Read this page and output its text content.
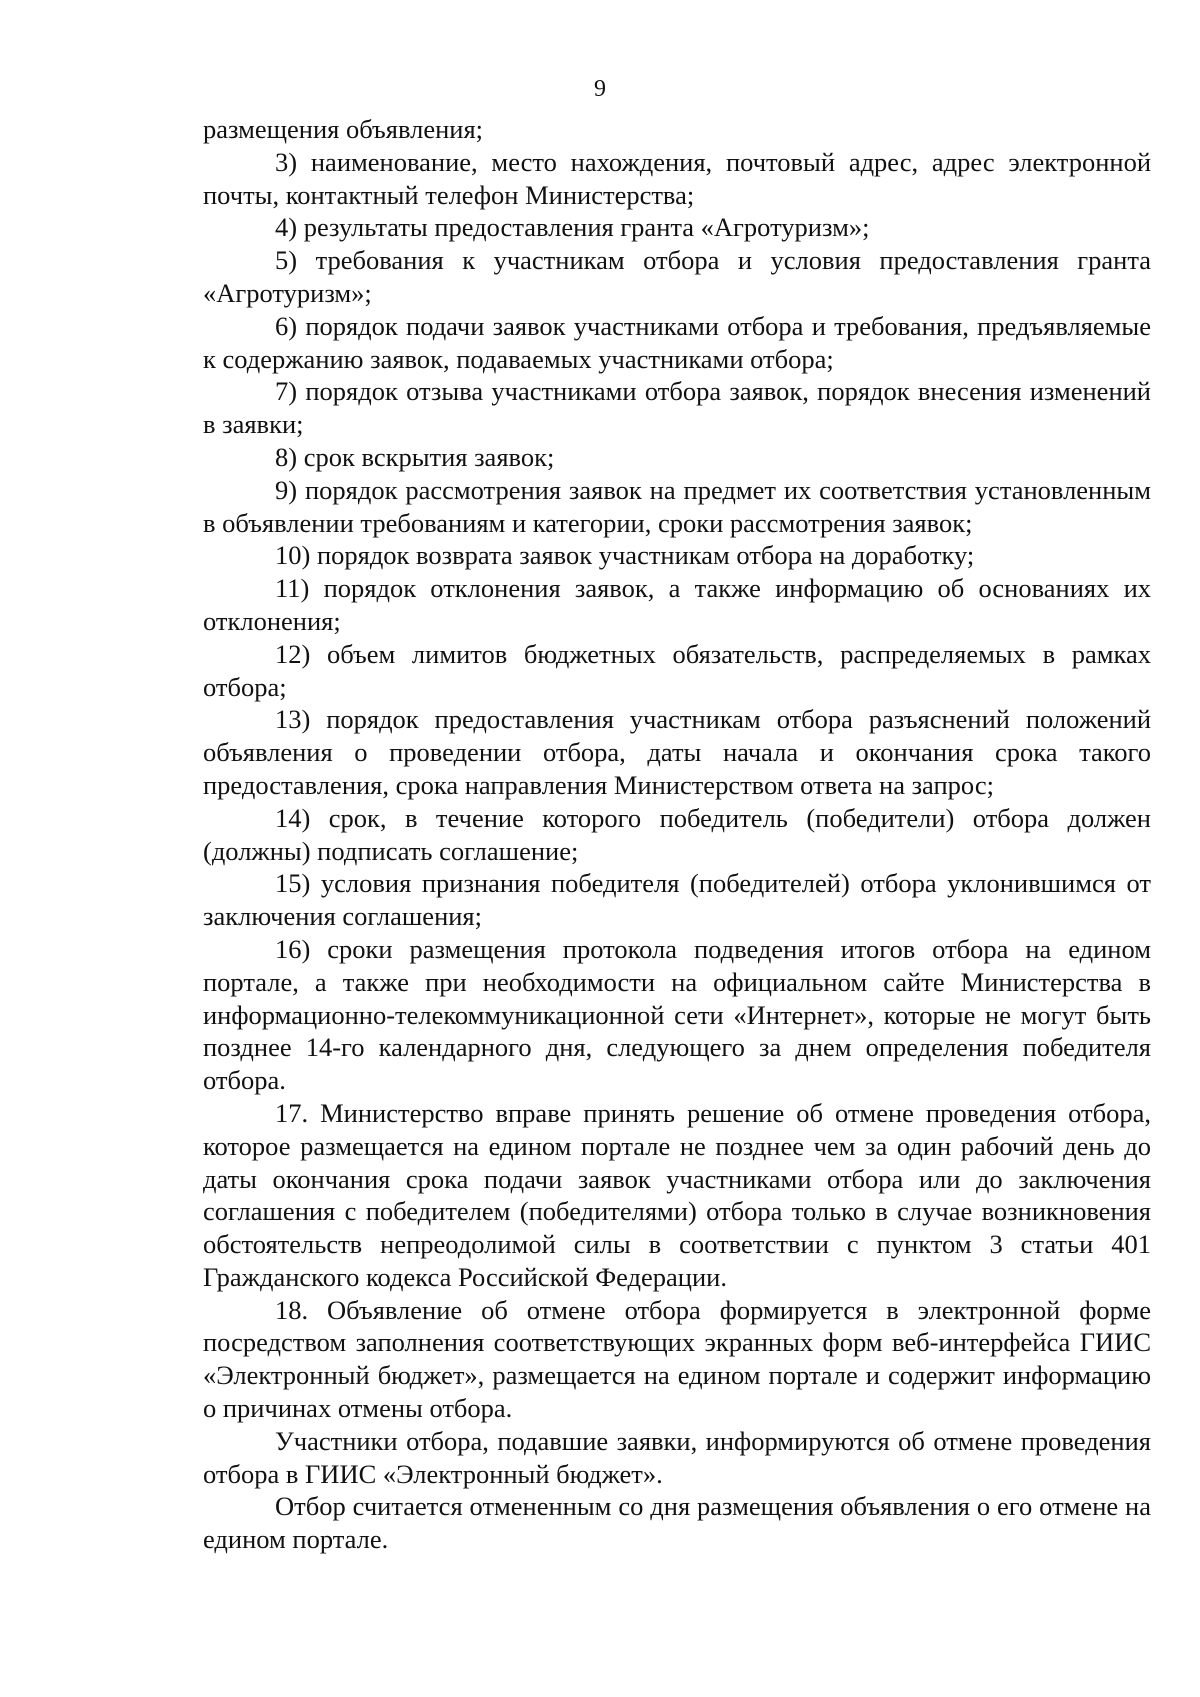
9

размещения объявления;

3) наименование, место нахождения, почтовый адрес, адрес электронной почты, контактный телефон Министерства;

4) результаты предоставления гранта «Агротуризм»;

5) требования к участникам отбора и условия предоставления гранта «Агротуризм»;

6) порядок подачи заявок участниками отбора и требования, предъявляемые к содержанию заявок, подаваемых участниками отбора;

7) порядок отзыва участниками отбора заявок, порядок внесения изменений в заявки;

8) срок вскрытия заявок;

9) порядок рассмотрения заявок на предмет их соответствия установленным в объявлении требованиям и категории, сроки рассмотрения заявок;

10) порядок возврата заявок участникам отбора на доработку;

11) порядок отклонения заявок, а также информацию об основаниях их отклонения;

12) объем лимитов бюджетных обязательств, распределяемых в рамках отбора;

13) порядок предоставления участникам отбора разъяснений положений объявления о проведении отбора, даты начала и окончания срока такого предоставления, срока направления Министерством ответа на запрос;

14) срок, в течение которого победитель (победители) отбора должен (должны) подписать соглашение;

15) условия признания победителя (победителей) отбора уклонившимся от заключения соглашения;

16) сроки размещения протокола подведения итогов отбора на едином портале, а также при необходимости на официальном сайте Министерства в информационно-телекоммуникационной сети «Интернет», которые не могут быть позднее 14-го календарного дня, следующего за днем определения победителя отбора.

17. Министерство вправе принять решение об отмене проведения отбора, которое размещается на едином портале не позднее чем за один рабочий день до даты окончания срока подачи заявок участниками отбора или до заключения соглашения с победителем (победителями) отбора только в случае возникновения обстоятельств непреодолимой силы в соответствии с пунктом 3 статьи 401 Гражданского кодекса Российской Федерации.

18. Объявление об отмене отбора формируется в электронной форме посредством заполнения соответствующих экранных форм веб-интерфейса ГИИС «Электронный бюджет», размещается на едином портале и содержит информацию о причинах отмены отбора.

Участники отбора, подавшие заявки, информируются об отмене проведения отбора в ГИИС «Электронный бюджет».

Отбор считается отмененным со дня размещения объявления о его отмене на едином портале.
